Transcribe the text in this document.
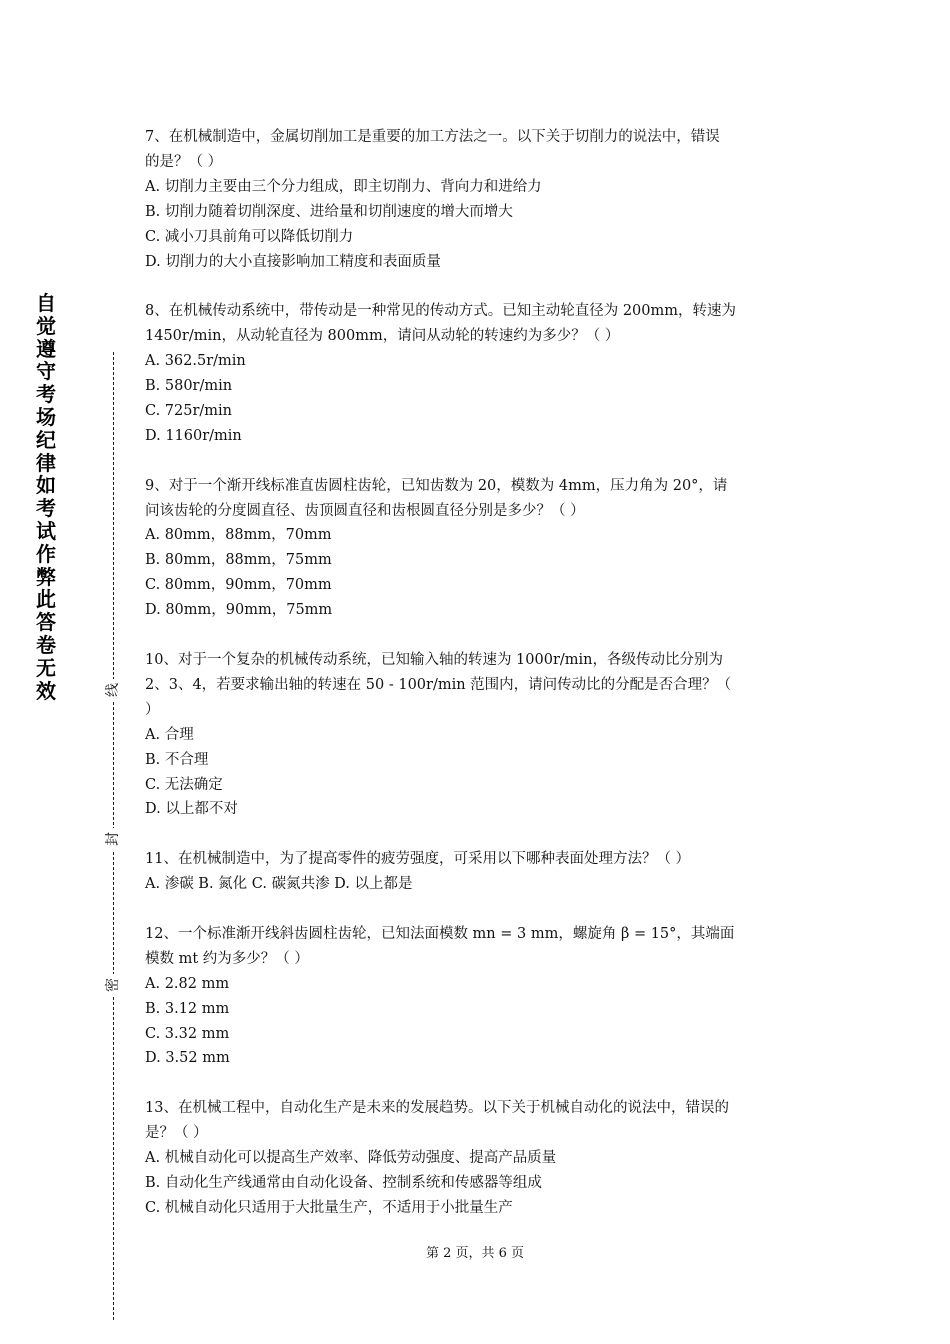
自觉遵守考场纪律如考试作弊此答卷无效	线
封
密
7、在机械制造中，金属切削加工是重要的加工方法之一。以下关于切削力的说法中，错误
的是？（ ）
A. 切削力主要由三个分力组成，即主切削力、背向力和进给力
B. 切削力随着切削深度、进给量和切削速度的增大而增大
C. 减小刀具前角可以降低切削力
D. 切削力的大小直接影响加工精度和表面质量
8、在机械传动系统中，带传动是一种常见的传动方式。已知主动轮直径为 200mm，转速为
1450r/min，从动轮直径为 800mm，请问从动轮的转速约为多少？（ ）
A. 362.5r/min
B. 580r/min
C. 725r/min
D. 1160r/min
9、对于一个渐开线标准直齿圆柱齿轮，已知齿数为 20，模数为 4mm，压力角为 20°，请
问该齿轮的分度圆直径、齿顶圆直径和齿根圆直径分别是多少？（ ）
A. 80mm，88mm，70mm
B. 80mm，88mm，75mm
C. 80mm，90mm，70mm
D. 80mm，90mm，75mm
10、对于一个复杂的机械传动系统，已知输入轴的转速为 1000r/min，各级传动比分别为
2、3、4，若要求输出轴的转速在 50 - 100r/min 范围内，请问传动比的分配是否合理？（
）
A. 合理
B. 不合理
C. 无法确定
D. 以上都不对
11、在机械制造中，为了提高零件的疲劳强度，可采用以下哪种表面处理方法？（ ）
A. 渗碳 B. 氮化 C. 碳氮共渗 D. 以上都是
12、一个标准渐开线斜齿圆柱齿轮，已知法面模数 mn = 3 mm，螺旋角 β = 15°，其端面
模数 mt 约为多少？（ ）
A. 2.82 mm
B. 3.12 mm
C. 3.32 mm
D. 3.52 mm
13、在机械工程中，自动化生产是未来的发展趋势。以下关于机械自动化的说法中，错误的
是？（ ）
A. 机械自动化可以提高生产效率、降低劳动强度、提高产品质量
B. 自动化生产线通常由自动化设备、控制系统和传感器等组成
C. 机械自动化只适用于大批量生产，不适用于小批量生产
第 2 页，共 6 页
